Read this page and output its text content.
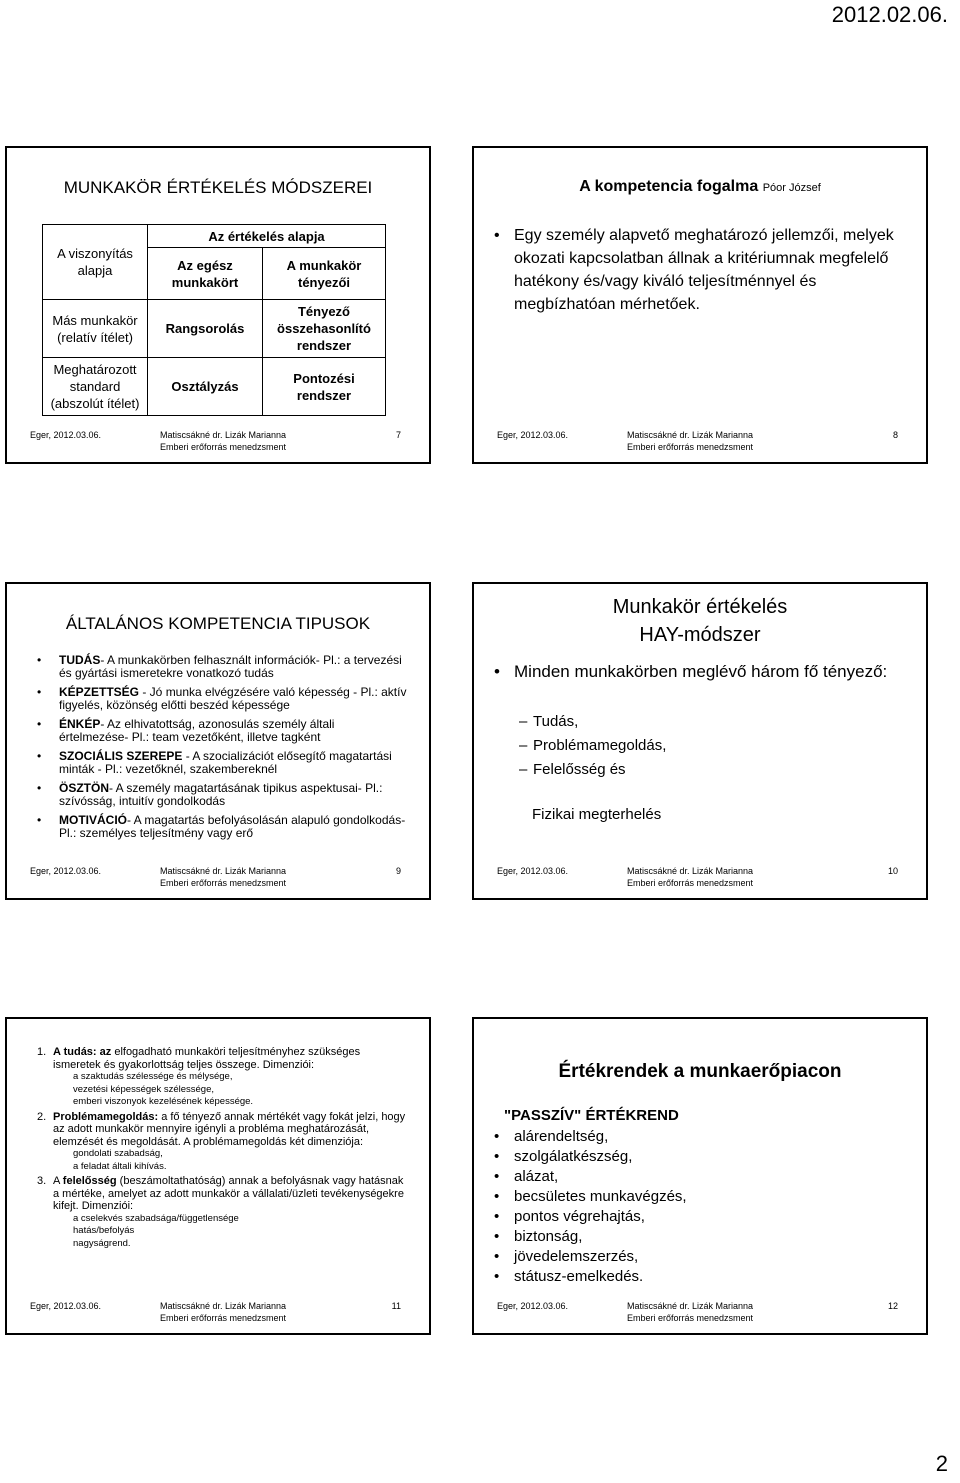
2012.02.06.
MUNKAKÖR ÉRTÉKELÉS MÓDSZEREI
A viszonyítás alapja	Az értékelés alapja	
	Az egész munkakört	A munkakör tényezői
Más munkakör (relatív ítélet)	Rangsorolás	Tényező összehasonlító rendszer
Meghatározott standard (abszolút ítélet)	Osztályzás	Pontozési rendszer
Eger, 2012.03.06.	Matiscsákné dr. Lizák Marianna
Emberi erőforrás menedzsment
7
A kompetencia fogalma Póor József
• Egy személy alapvető meghatározó jellemzői, melyek okozati kapcsolatban állnak a kritériumnak megfelelő hatékony és/vagy kiváló teljesítménnyel és megbízhatóan mérhetőek.
Eger, 2012.03.06.	Matiscsákné dr. Lizák Marianna
Emberi erőforrás menedzsment
8
ÁLTALÁNOS KOMPETENCIA TIPUSOK
• TUDÁS- A munkakörben felhasznált információk- Pl.: a tervezési és gyártási ismeretekre vonatkozó tudás
• KÉPZETTSÉG - Jó munka elvégzésére való képesség - Pl.: aktív figyelés, közönség előtti beszéd képessége
• ÉNKÉP- Az elhivatottság, azonosulás személy általi értelmezése- Pl.: team vezetőként, illetve tagként
• SZOCIÁLIS SZEREPE - A szocializációt elősegítő magatartási minták - Pl.: vezetőknél, szakembereknél
• ÖSZTÖN- A személy magatartásának tipikus aspektusai- Pl.: szívósság, intuitív gondolkodás
• MOTIVÁCIÓ- A magatartás befolyásolásán alapuló gondolkodás- Pl.: személyes teljesítmény vagy erő
Eger, 2012.03.06.	Matiscsákné dr. Lizák Marianna
Emberi erőforrás menedzsment
9
Munkakör értékelés
HAY-módszer
• Minden munkakörben meglévő három fő tényező:
– Tudás,
– Problémamegoldás,
– Felelősség és
Fizikai megterhelés
Eger, 2012.03.06.	Matiscsákné dr. Lizák Marianna
Emberi erőforrás menedzsment
10
1. A tudás: az elfogadható munkaköri teljesítményhez szükséges ismeretek és gyakorlottság teljes összege. Dimenziói:
a szaktudás szélessége és mélysége,
vezetési képességek szélessége,
emberi viszonyok kezelésének képessége.
2. Problémamegoldás: a fő tényező annak mértékét vagy fokát jelzi, hogy az adott munkakör mennyire igényli a probléma meghatározását, elemzését és megoldását. A problémamegoldás két dimenziója:
gondolati szabadság,
a feladat általi kihívás.
3. A felelősség (beszámoltathatóság) annak a befolyásnak vagy hatásnak a mértéke, amelyet az adott munkakör a vállalati/üzleti tevékenységekre kifejt. Dimenziói:
a cselekvés szabadsága/függetlensége
hatás/befolyás
nagyságrend.
Eger, 2012.03.06.	Matiscsákné dr. Lizák Marianna
Emberi erőforrás menedzsment
11
Értékrendek a munkaerőpiacon
"PASSZÍV" ÉRTÉKREND
• alárendeltség,
• szolgálatkészség,
• alázat,
• becsületes munkavégzés,
• pontos végrehajtás,
• biztonság,
• jövedelemszerzés,
• státusz-emelkedés.
Eger, 2012.03.06.	Matiscsákné dr. Lizák Marianna
Emberi erőforrás menedzsment
12
2
